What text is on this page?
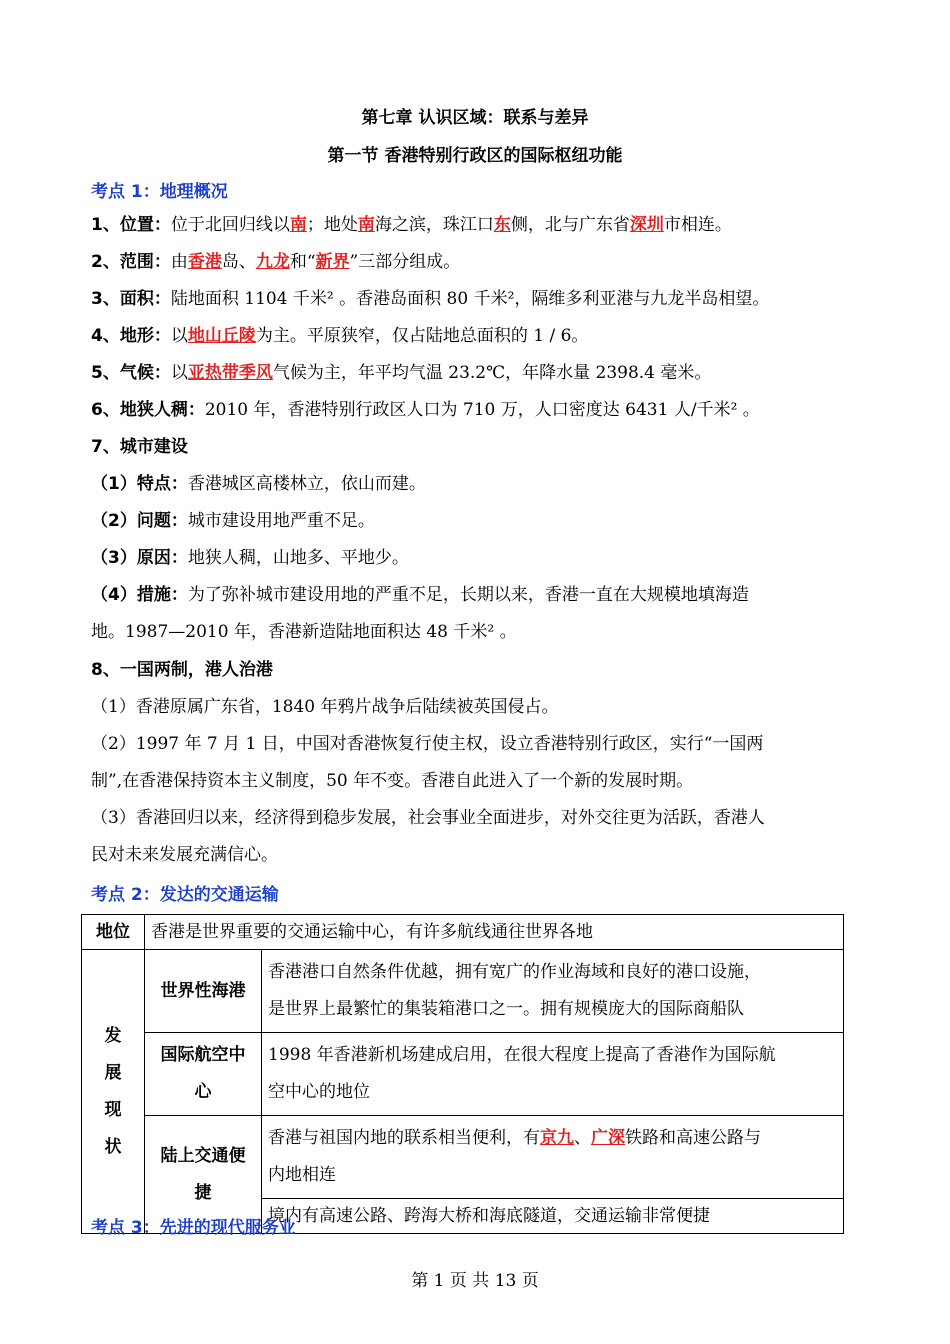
第七章 认识区域：联系与差异
第一节 香港特别行政区的国际枢纽功能
考点 1：地理概况
1、位置：位于北回归线以南；地处南海之滨，珠江口东侧，北与广东省深圳市相连。
2、范围：由香港岛、九龙和“新界”三部分组成。
3、面积：陆地面积 1104 千米² 。香港岛面积 80 千米²，隔维多利亚港与九龙半岛相望。
4、地形：以地山丘陵为主。平原狭窄，仅占陆地总面积的 1 / 6。
5、气候：以亚热带季风气候为主，年平均气温 23.2℃，年降水量 2398.4 毫米。
6、地狭人稠：2010 年，香港特别行政区人口为 710 万，人口密度达 6431 人/千米² 。
7、城市建设
（1）特点：香港城区高楼林立，依山而建。
（2）问题：城市建设用地严重不足。
（3）原因：地狭人稠，山地多、平地少。
（4）措施：为了弥补城市建设用地的严重不足，长期以来，香港一直在大规模地填海造
地。1987—2010 年，香港新造陆地面积达 48 千米² 。
8、一国两制，港人治港
（1）香港原属广东省，1840 年鸦片战争后陆续被英国侵占。
（2）1997 年 7 月 1 日，中国对香港恢复行使主权，设立香港特别行政区，实行“一国两
制”,在香港保持资本主义制度，50 年不变。香港自此进入了一个新的发展时期。
（3）香港回归以来，经济得到稳步发展，社会事业全面进步，对外交往更为活跃，香港人
民对未来发展充满信心。
考点 2：发达的交通运输
地位	香港是世界重要的交通运输中心，有许多航线通往世界各地	
发
展
现
状	世界性海港	香港港口自然条件优越，拥有宽广的作业海域和良好的港口设施，
是世界上最繁忙的集装箱港口之一。拥有规模庞大的国际商船队
	国际航空中
心	1998 年香港新机场建成启用，在很大程度上提高了香港作为国际航
空中心的地位
	陆上交通便
捷	香港与祖国内地的联系相当便利，有京九、广深铁路和高速公路与
内地相连
		境内有高速公路、跨海大桥和海底隧道，交通运输非常便捷
考点 3：先进的现代服务业
第 1 页 共 13 页
